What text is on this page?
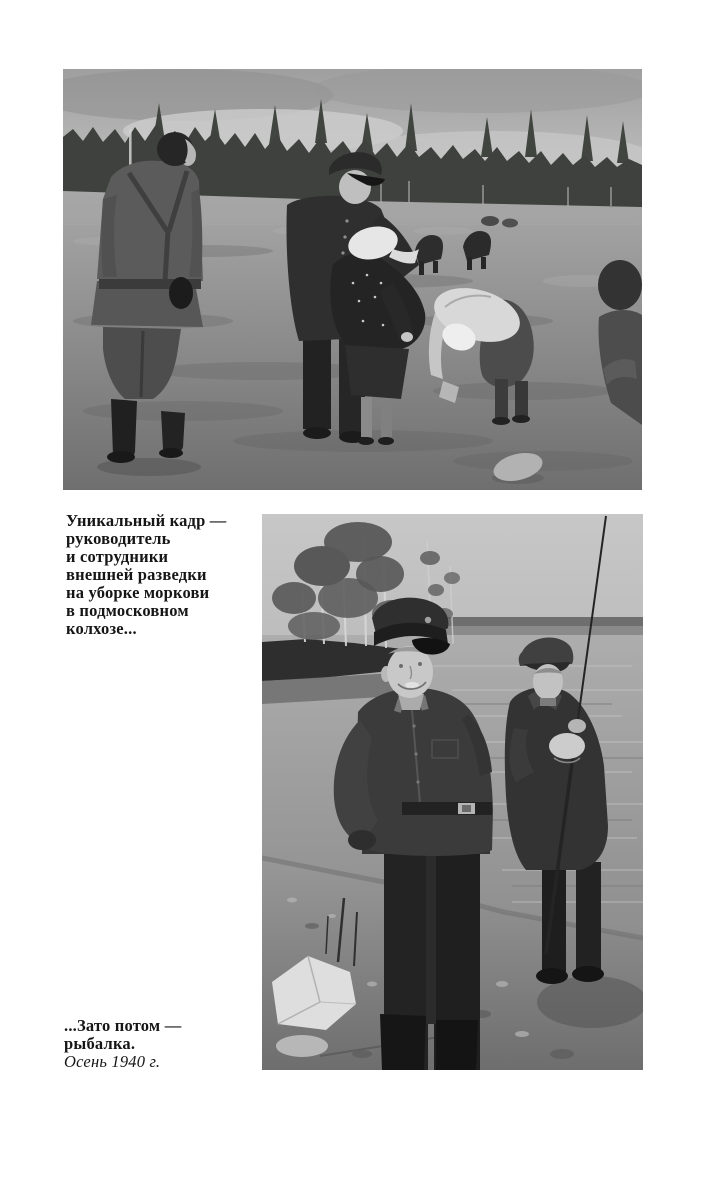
Уникальный кадр —
руководитель
и сотрудники
внешней разведки
на уборке моркови
в подмосковном
колхозе...
...Зато потом —
рыбалка.
Осень 1940 г.
